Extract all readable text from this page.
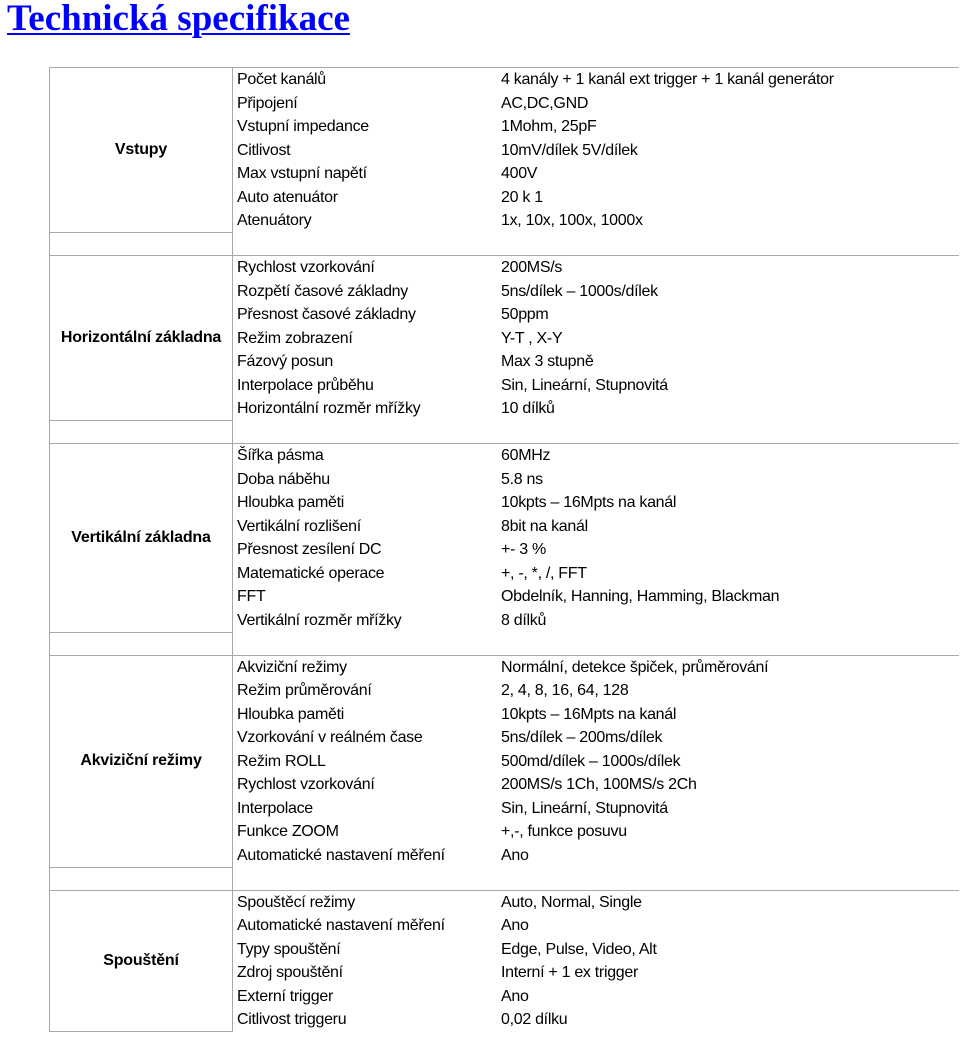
Technická specifikace
Vstupy	Počet kanálů	4 kanály + 1 kanál ext trigger + 1 kanál generátor
	Připojení	AC,DC,GND
	Vstupní impedance	1Mohm, 25pF
	Citlivost	10mV/dílek 5V/dílek
	Max vstupní napětí	400V
	Auto atenuátor	20 k 1
	Atenuátory	1x, 10x, 100x, 1000x

Horizontální základna	Rychlost vzorkování	200MS/s
	Rozpětí časové základny	5ns/dílek – 1000s/dílek
	Přesnost časové základny	50ppm
	Režim zobrazení	Y-T , X-Y
	Fázový posun	Max 3 stupně
	Interpolace průběhu	Sin, Lineární, Stupnovitá
	Horizontální rozměr mřížky	10 dílků

Vertikální základna	Šířka pásma	60MHz
	Doba náběhu	5.8 ns
	Hloubka paměti	10kpts – 16Mpts na kanál
	Vertikální rozlišení	8bit na kanál
	Přesnost zesílení DC	+- 3 %
	Matematické operace	+, -, *, /, FFT
	FFT	Obdelník, Hanning, Hamming, Blackman
	Vertikální rozměr mřížky	8 dílků

Akviziční režimy	Akviziční režimy	Normální, detekce špiček, průměrování
	Režim průměrování	2, 4, 8, 16, 64, 128
	Hloubka paměti	10kpts – 16Mpts na kanál
	Vzorkování v reálném čase	5ns/dílek – 200ms/dílek
	Režim ROLL	500md/dílek – 1000s/dílek
	Rychlost vzorkování	200MS/s 1Ch, 100MS/s 2Ch
	Interpolace	Sin, Lineární, Stupnovitá
	Funkce ZOOM	+,-, funkce posuvu
	Automatické nastavení měření	Ano

Spouštění	Spouštěcí režimy	Auto, Normal, Single
	Automatické nastavení měření	Ano
	Typy spouštění	Edge, Pulse, Video, Alt
	Zdroj spouštění	Interní + 1 ex trigger
	Externí trigger	Ano
	Citlivost triggeru	0,02 dílku
